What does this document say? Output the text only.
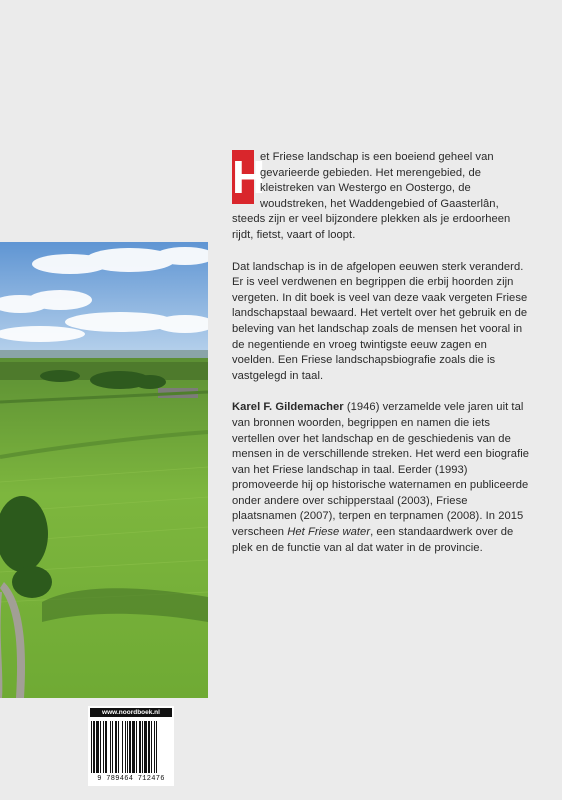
H
et Friese landschap is een boeiend geheel van gevarieerde gebieden. Het merengebied, de kleistreken van Westergo en Oostergo, de woudstreken, het Waddengebied of Gaasterlân, steeds zijn er veel bijzondere plekken als je erdoorheen rijdt, fietst, vaart of loopt.

Dat landschap is in de afgelopen eeuwen sterk veranderd. Er is veel verdwenen en begrippen die erbij hoorden zijn vergeten. In dit boek is veel van deze vaak vergeten Friese landschapstaal bewaard. Het vertelt over het gebruik en de beleving van het landschap zoals de mensen het vooral in de negentiende en vroeg twintigste eeuw zagen en voelden. Een Friese landschapsbiografie zoals die is vastgelegd in taal.

Karel F. Gildemacher (1946) verzamelde vele jaren uit tal van bronnen woorden, begrippen en namen die iets vertellen over het landschap en de geschiedenis van de mensen in de verschillende streken. Het werd een biografie van het Friese landschap in taal. Eerder (1993) promoveerde hij op historische waternamen en publiceerde onder andere over schipperstaal (2003), Friese plaatsnamen (2007), terpen en terpnamen (2008). In 2015 verscheen Het Friese water, een standaardwerk over de plek en de functie van al dat water in de provincie.

www.noordboek.nl
9 789464 712476
